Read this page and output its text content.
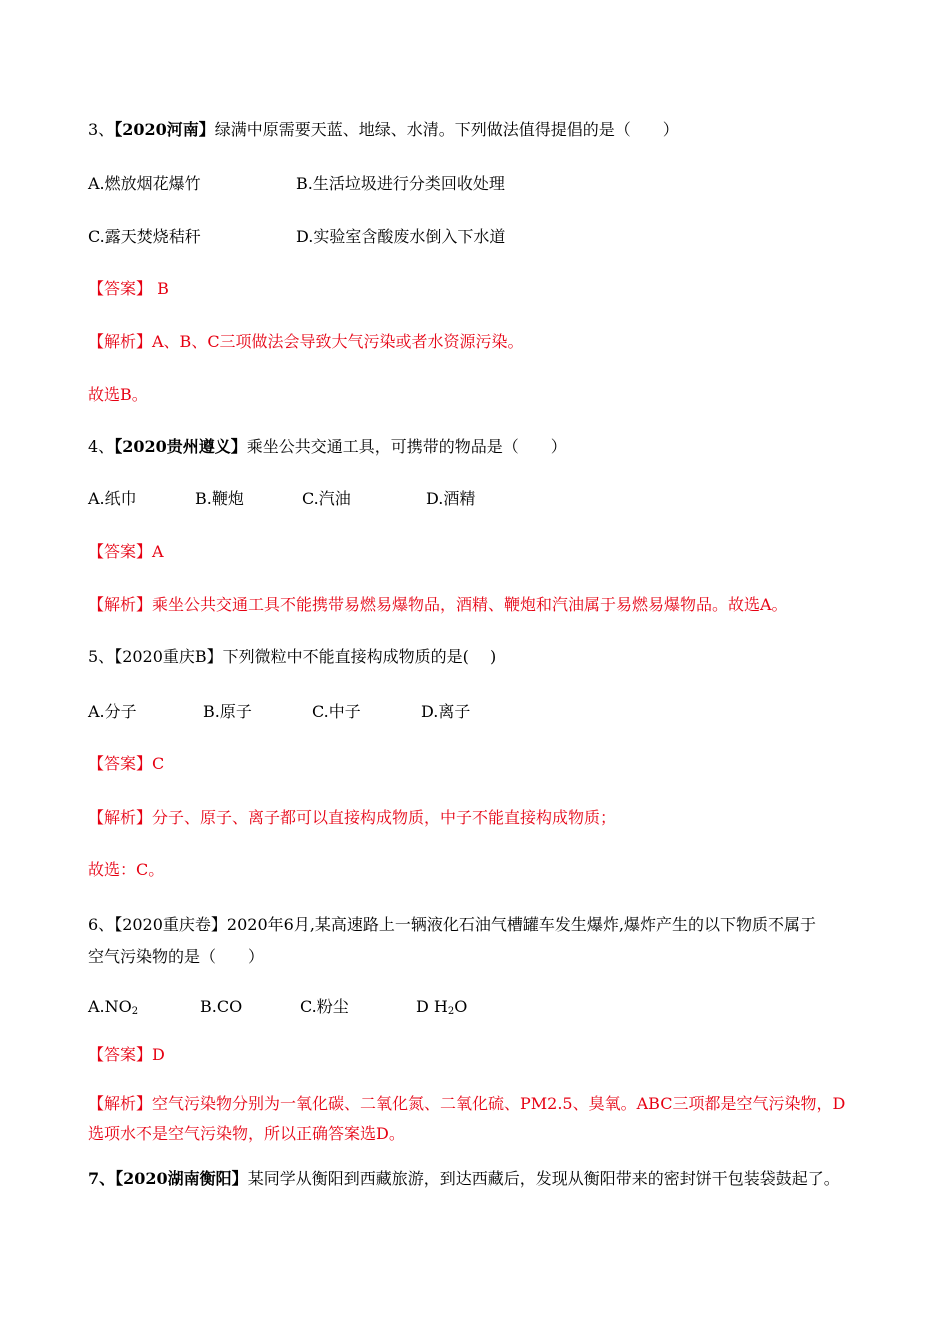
3、【2020河南】绿满中原需要天蓝、地绿、水清。下列做法值得提倡的是（　　）
A.燃放烟花爆竹	B.生活垃圾进行分类回收处理
C.露天焚烧秸秆	D.实验室含酸废水倒入下水道
【答案】 B
【解析】A、B、C三项做法会导致大气污染或者水资源污染。
故选B。
4、【2020贵州遵义】乘坐公共交通工具，可携带的物品是（　　）
A.纸巾	B.鞭炮	C.汽油	D.酒精
【答案】A
【解析】乘坐公共交通工具不能携带易燃易爆物品，酒精、鞭炮和汽油属于易燃易爆物品。故选A。
5、【2020重庆B】下列微粒中不能直接构成物质的是(　 )
A.分子	B.原子	C.中子	D.离子
【答案】C
【解析】分子、原子、离子都可以直接构成物质，中子不能直接构成物质；
故选：C。
6、【2020重庆卷】2020年6月,某高速路上一辆液化石油气槽罐车发生爆炸,爆炸产生的以下物质不属于
空气污染物的是（　　）
$A.NO_2$	B.CO	C.粉尘	D $H_2O$
【答案】D
【解析】空气污染物分别为一氧化碳、二氧化氮、二氧化硫、PM2.5、臭氧。ABC三项都是空气污染物，D
选项水不是空气污染物，所以正确答案选D。
7、【2020湖南衡阳】某同学从衡阳到西藏旅游，到达西藏后，发现从衡阳带来的密封饼干包装袋鼓起了。
